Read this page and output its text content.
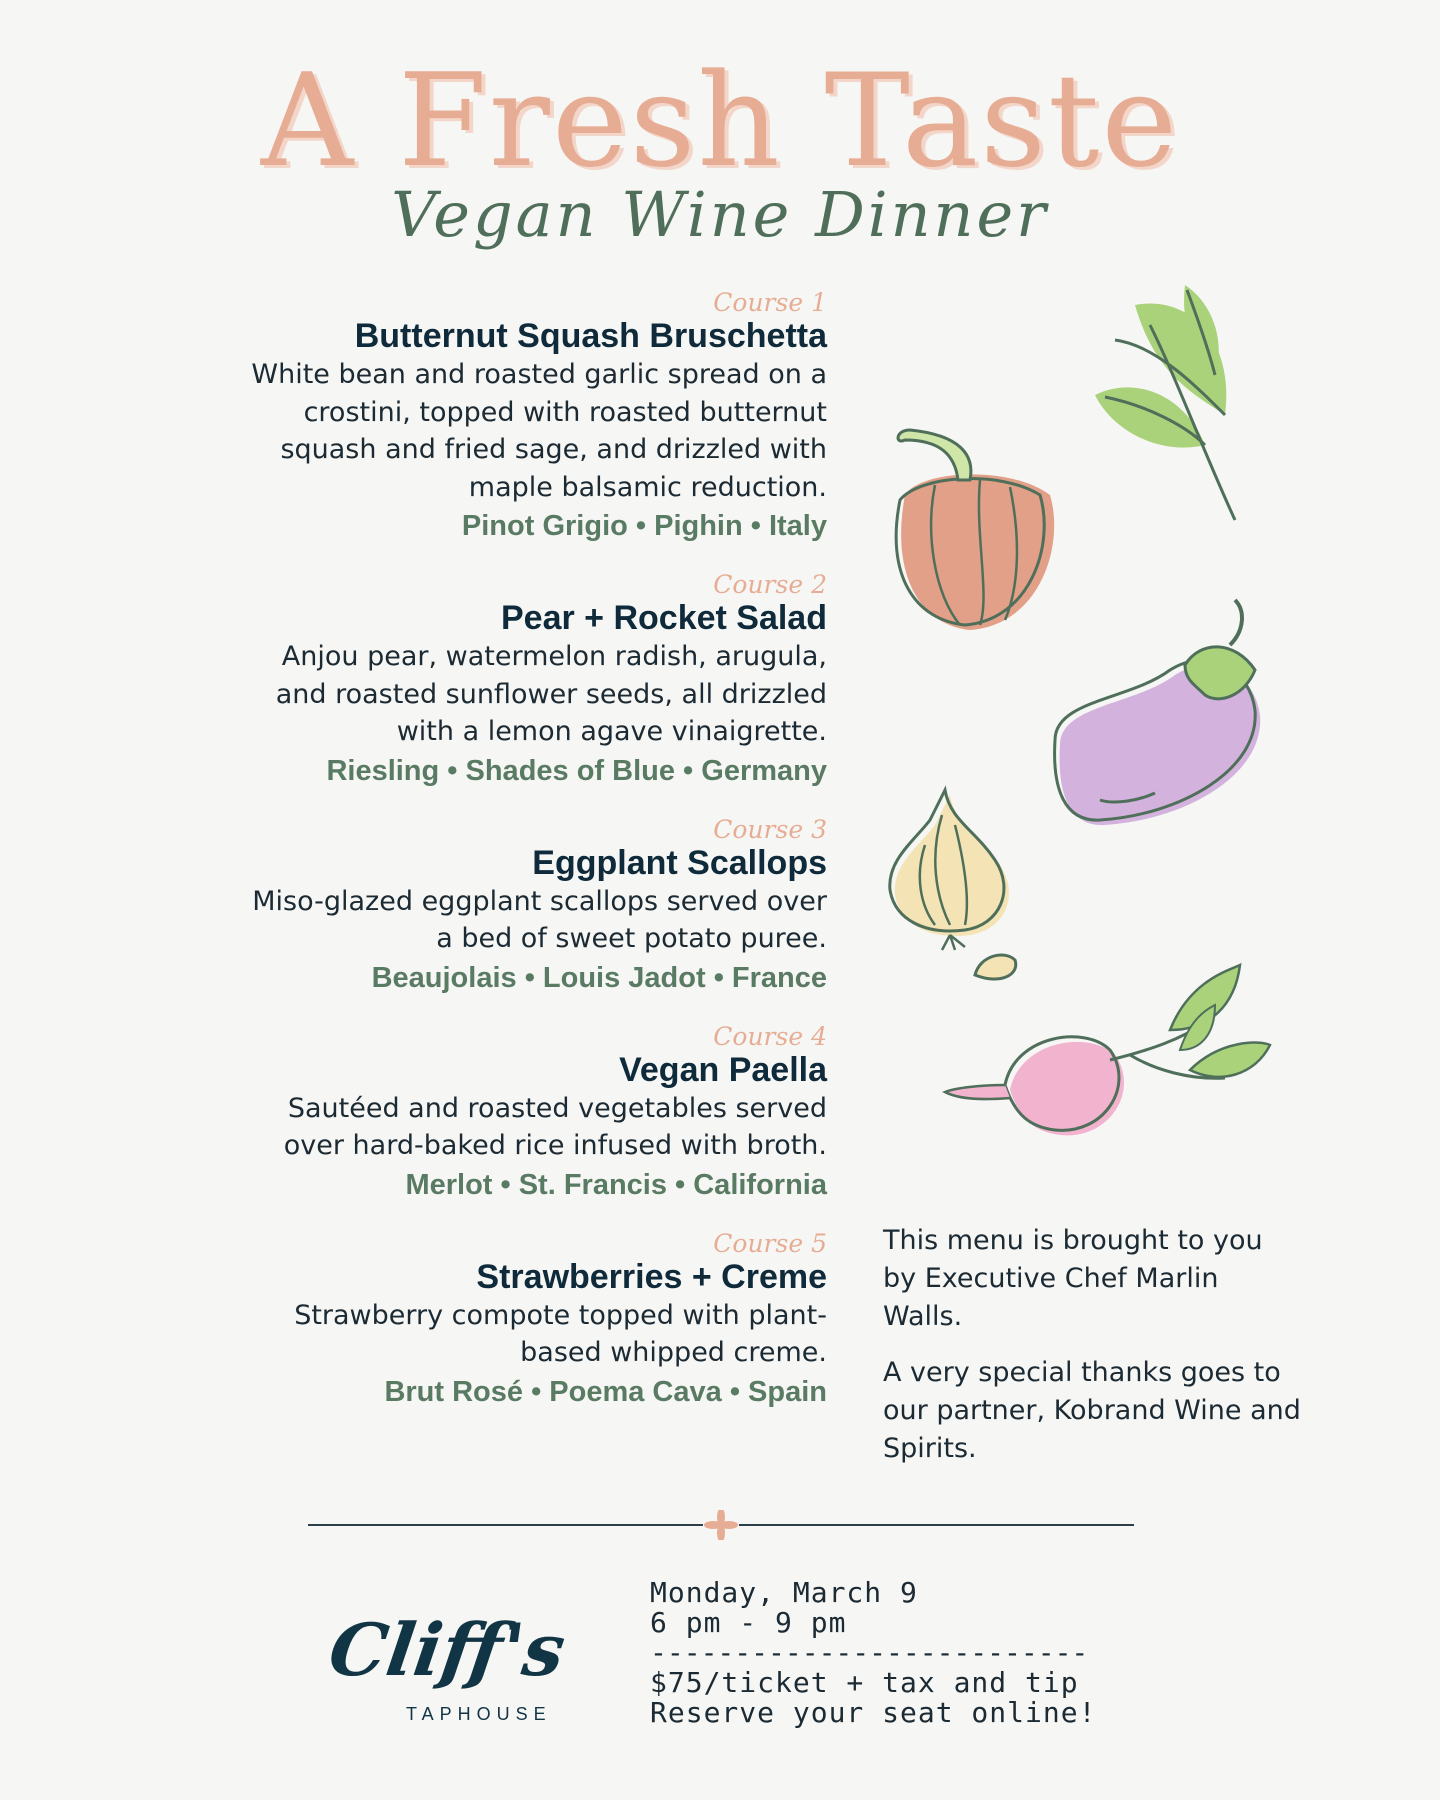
A Fresh Taste
Vegan Wine Dinner
Course 1
Butternut Squash Bruschetta
White bean and roasted garlic spread on a
crostini, topped with roasted butternut
squash and fried sage, and drizzled with
maple balsamic reduction.
Pinot Grigio • Pighin • Italy
Course 2
Pear + Rocket Salad
Anjou pear, watermelon radish, arugula,
and roasted sunflower seeds, all drizzled
with a lemon agave vinaigrette.
Riesling • Shades of Blue • Germany
Course 3
Eggplant Scallops
Miso-glazed eggplant scallops served over
a bed of sweet potato puree.
Beaujolais • Louis Jadot • France
Course 4
Vegan Paella
Sautéed and roasted vegetables served
over hard-baked rice infused with broth.
Merlot • St. Francis • California
Course 5
Strawberries + Creme
Strawberry compote topped with plant-
based whipped creme.
Brut Rosé • Poema Cava • Spain

This menu is brought to you by Executive Chef Marlin Walls.

A very special thanks goes to our partner, Kobrand Wine and Spirits.

Cliff's
TAPHOUSE
Monday, March 9
6 pm - 9 pm
--------------------------
$75/ticket + tax and tip
Reserve your seat online!
